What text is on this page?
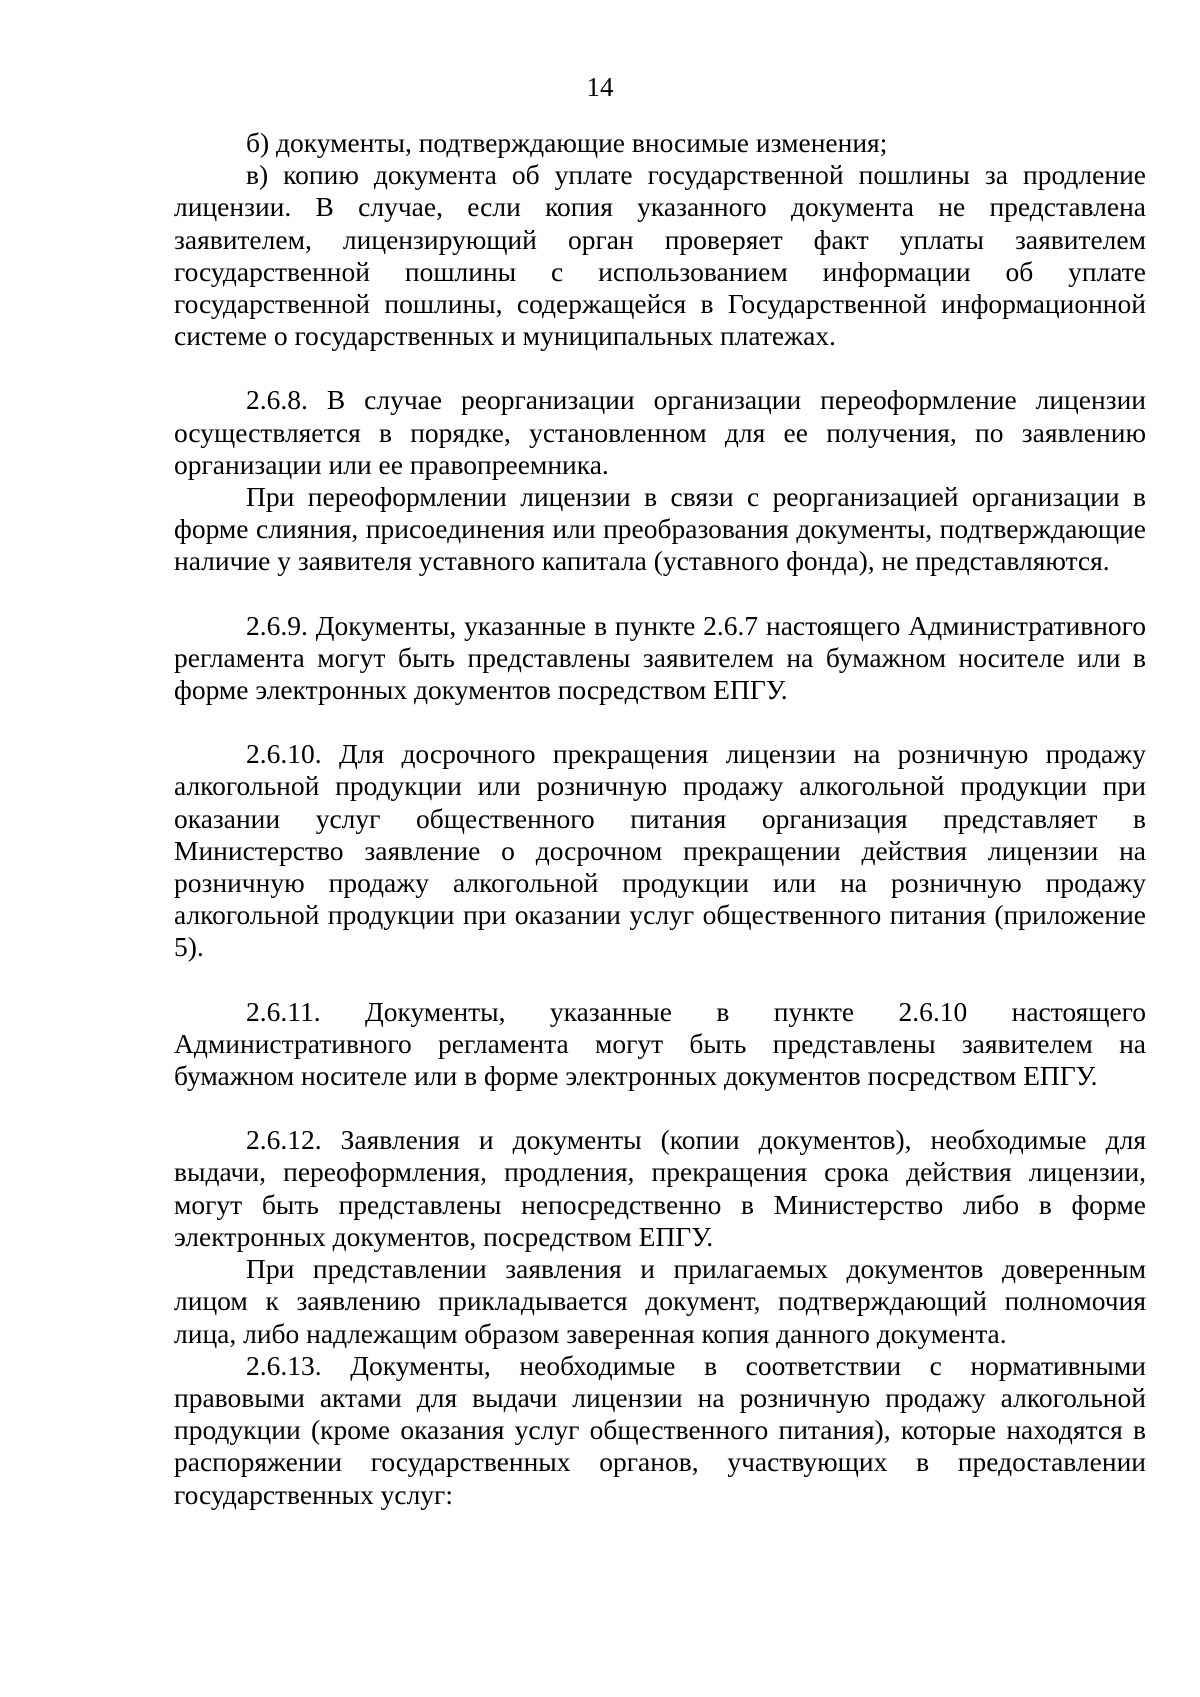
14

б) документы, подтверждающие вносимые изменения;

в) копию документа об уплате государственной пошлины за продление лицензии. В случае, если копия указанного документа не представлена заявителем, лицензирующий орган проверяет факт уплаты заявителем государственной пошлины с использованием информации об уплате государственной пошлины, содержащейся в Государственной информационной системе о государственных и муниципальных платежах.

2.6.8. В случае реорганизации организации переоформление лицензии осуществляется в порядке, установленном для ее получения, по заявлению организации или ее правопреемника.

При переоформлении лицензии в связи с реорганизацией организации в форме слияния, присоединения или преобразования документы, подтверждающие наличие у заявителя уставного капитала (уставного фонда), не представляются.

2.6.9. Документы, указанные в пункте 2.6.7 настоящего Административного регламента могут быть представлены заявителем на бумажном носителе или в форме электронных документов посредством ЕПГУ.

2.6.10. Для досрочного прекращения лицензии на розничную продажу алкогольной продукции или розничную продажу алкогольной продукции при оказании услуг общественного питания организация представляет в Министерство заявление о досрочном прекращении действия лицензии на розничную продажу алкогольной продукции или на розничную продажу алкогольной продукции при оказании услуг общественного питания (приложение 5).

2.6.11. Документы, указанные в пункте 2.6.10 настоящего Административного регламента могут быть представлены заявителем на бумажном носителе или в форме электронных документов посредством ЕПГУ.

2.6.12. Заявления и документы (копии документов), необходимые для выдачи, переоформления, продления, прекращения срока действия лицензии, могут быть представлены непосредственно в Министерство либо в форме электронных документов, посредством ЕПГУ.

При представлении заявления и прилагаемых документов доверенным лицом к заявлению прикладывается документ, подтверждающий полномочия лица, либо надлежащим образом заверенная копия данного документа.

2.6.13. Документы, необходимые в соответствии с нормативными правовыми актами для выдачи лицензии на розничную продажу алкогольной продукции (кроме оказания услуг общественного питания), которые находятся в распоряжении государственных органов, участвующих в предоставлении государственных услуг:
